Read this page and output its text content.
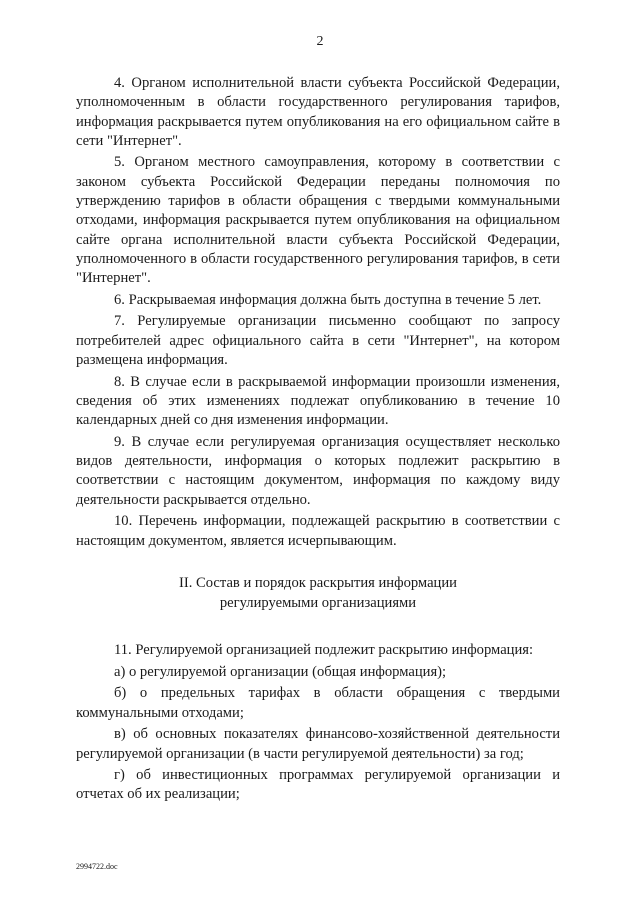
2

4. Органом исполнительной власти субъекта Российской Федерации, уполномоченным в области государственного регулирования тарифов, информация раскрывается путем опубликования на его официальном сайте в сети "Интернет".

5. Органом местного самоуправления, которому в соответствии с законом субъекта Российской Федерации переданы полномочия по утверждению тарифов в области обращения с твердыми коммунальными отходами, информация раскрывается путем опубликования на официальном сайте органа исполнительной власти субъекта Российской Федерации, уполномоченного в области государственного регулирования тарифов, в сети "Интернет".

6. Раскрываемая информация должна быть доступна в течение 5 лет.

7. Регулируемые организации письменно сообщают по запросу потребителей адрес официального сайта в сети "Интернет", на котором размещена информация.

8. В случае если в раскрываемой информации произошли изменения, сведения об этих изменениях подлежат опубликованию в течение 10 календарных дней со дня изменения информации.

9. В случае если регулируемая организация осуществляет несколько видов деятельности, информация о которых подлежит раскрытию в соответствии с настоящим документом, информация по каждому виду деятельности раскрывается отдельно.

10. Перечень информации, подлежащей раскрытию в соответствии с настоящим документом, является исчерпывающим.

II. Состав и порядок раскрытия информации
регулируемыми организациями

11. Регулируемой организацией подлежит раскрытию информация:

а) о регулируемой организации (общая информация);

б) о предельных тарифах в области обращения с твердыми коммунальными отходами;

в) об основных показателях финансово-хозяйственной деятельности регулируемой организации (в части регулируемой деятельности) за год;

г) об инвестиционных программах регулируемой организации и отчетах об их реализации;

2994722.doc
